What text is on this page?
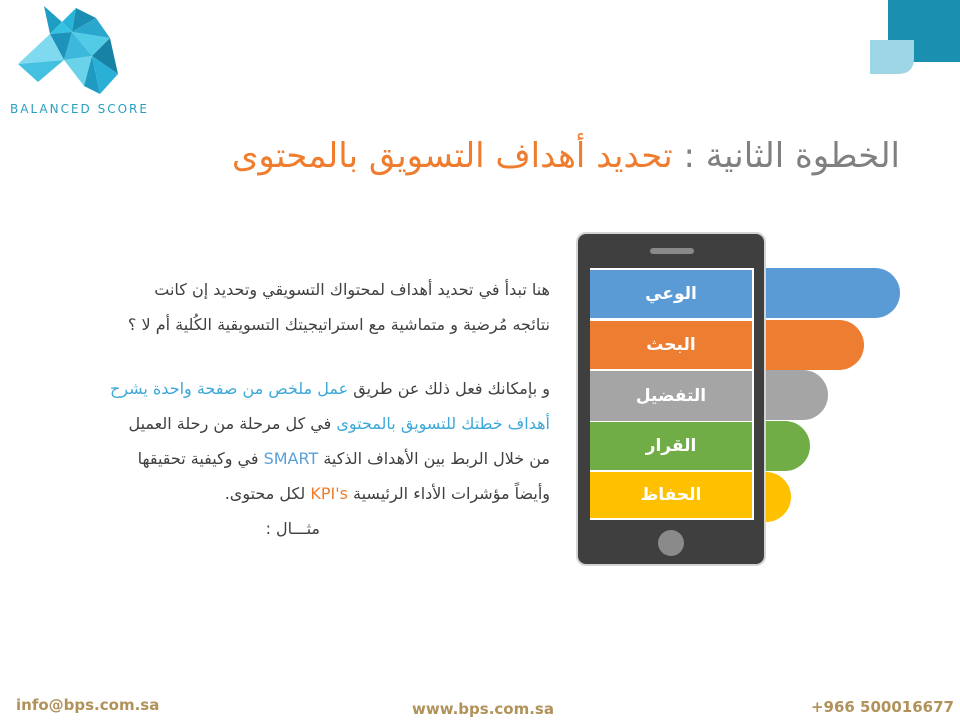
BALANCED SCORE
الخطوة الثانية : تحديد أهداف التسويق بالمحتوى

هنا تبدأ في تحديد أهداف لمحتواك التسويقي وتحديد إن كانت

نتائجه مُرضية و متماشية مع استراتيجيتك التسويقية الكُلية أم لا ؟

و بإمكانك فعل ذلك عن طريق عمل ملخص من صفحة واحدة يشرح

أهداف خطتك للتسويق بالمحتوى في كل مرحلة من رحلة العميل

من خلال الربط بين الأهداف الذكية SMART في وكيفية تحقيقها

وأيضاً مؤشرات الأداء الرئيسية KPI's لكل محتوى.

مثـــال :

الوعي
البحث
التفضيل
القرار
الحفاظ
info@bps.com.sa	www.bps.com.sa	+966 500016677
